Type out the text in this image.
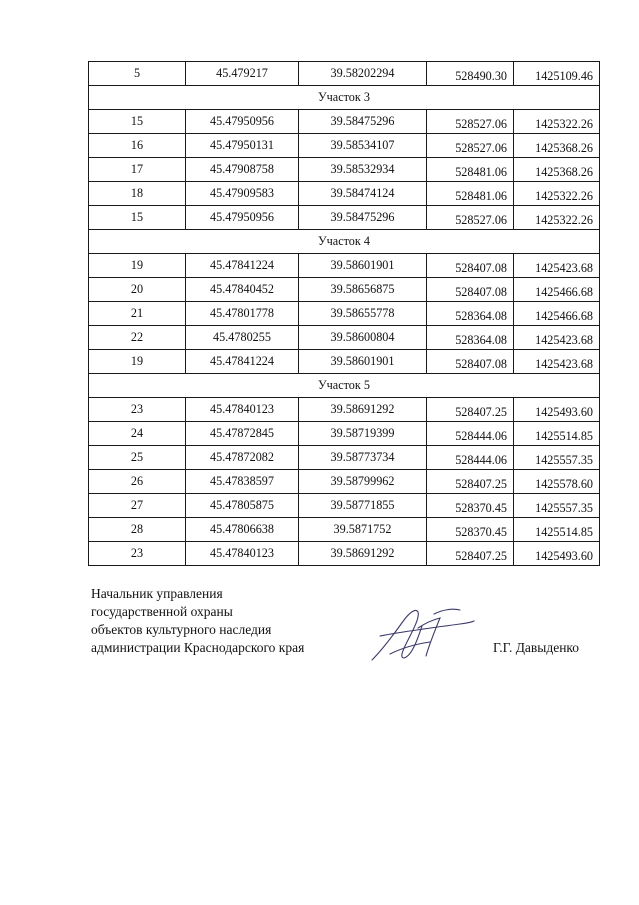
5	45.479217	39.58202294	528490.30	1425109.46
Участок 3				
15	45.47950956	39.58475296	528527.06	1425322.26
16	45.47950131	39.58534107	528527.06	1425368.26
17	45.47908758	39.58532934	528481.06	1425368.26
18	45.47909583	39.58474124	528481.06	1425322.26
15	45.47950956	39.58475296	528527.06	1425322.26
Участок 4				
19	45.47841224	39.58601901	528407.08	1425423.68
20	45.47840452	39.58656875	528407.08	1425466.68
21	45.47801778	39.58655778	528364.08	1425466.68
22	45.4780255	39.58600804	528364.08	1425423.68
19	45.47841224	39.58601901	528407.08	1425423.68
Участок 5				
23	45.47840123	39.58691292	528407.25	1425493.60
24	45.47872845	39.58719399	528444.06	1425514.85
25	45.47872082	39.58773734	528444.06	1425557.35
26	45.47838597	39.58799962	528407.25	1425578.60
27	45.47805875	39.58771855	528370.45	1425557.35
28	45.47806638	39.5871752	528370.45	1425514.85
23	45.47840123	39.58691292	528407.25	1425493.60
Начальник управления
государственной охраны
объектов культурного наследия
администрации Краснодарского края	Г.Г. Давыденко
